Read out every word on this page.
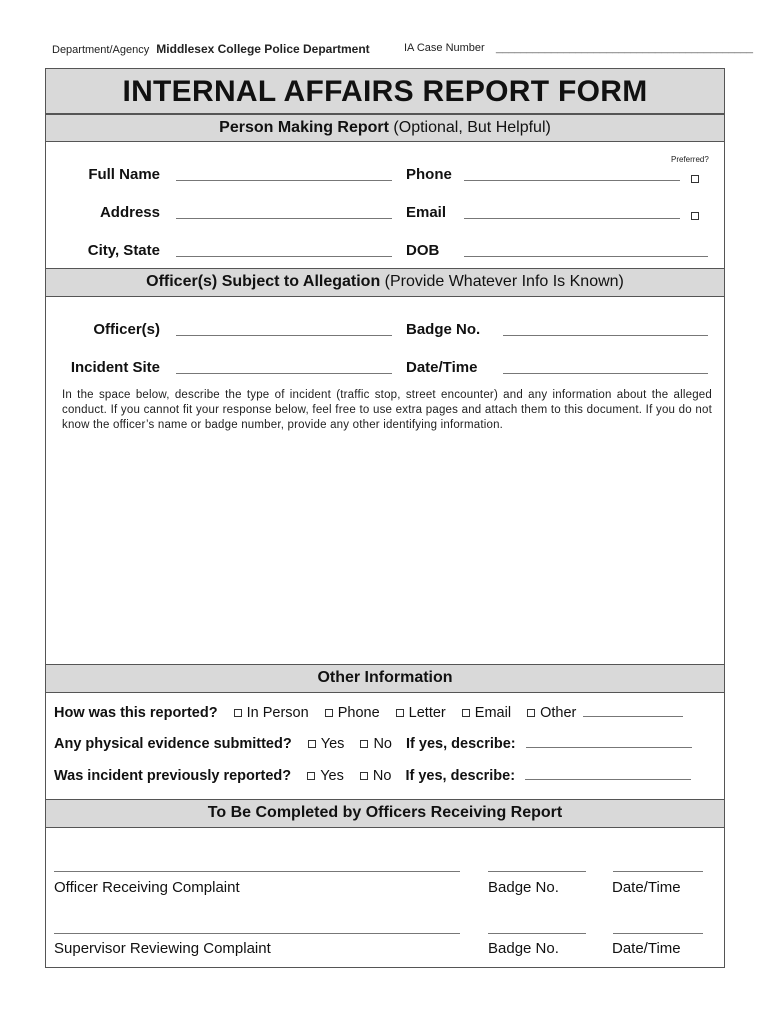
Department/Agency Middlesex College Police Department	IA Case Number __________________________________________
INTERNAL AFFAIRS REPORT FORM
Person Making Report (Optional, But Helpful)
Preferred?
Full Name	Phone
Address	Email
City, State	DOB
Officer(s) Subject to Allegation (Provide Whatever Info Is Known)
Officer(s)	Badge No.
Incident Site	Date/Time
In the space below, describe the type of incident (traffic stop, street encounter) and any information about the alleged conduct. If you cannot fit your response below, feel free to use extra pages and attach them to this document. If you do not know the officer’s name or badge number, provide any other identifying information.
Other Information
How was this reported? In Person Phone Letter Email Other
Any physical evidence submitted? Yes No If yes, describe:
Was incident previously reported? Yes No If yes, describe:
To Be Completed by Officers Receiving Report
Officer Receiving Complaint	Badge No.	Date/Time
Supervisor Reviewing Complaint	Badge No.	Date/Time
